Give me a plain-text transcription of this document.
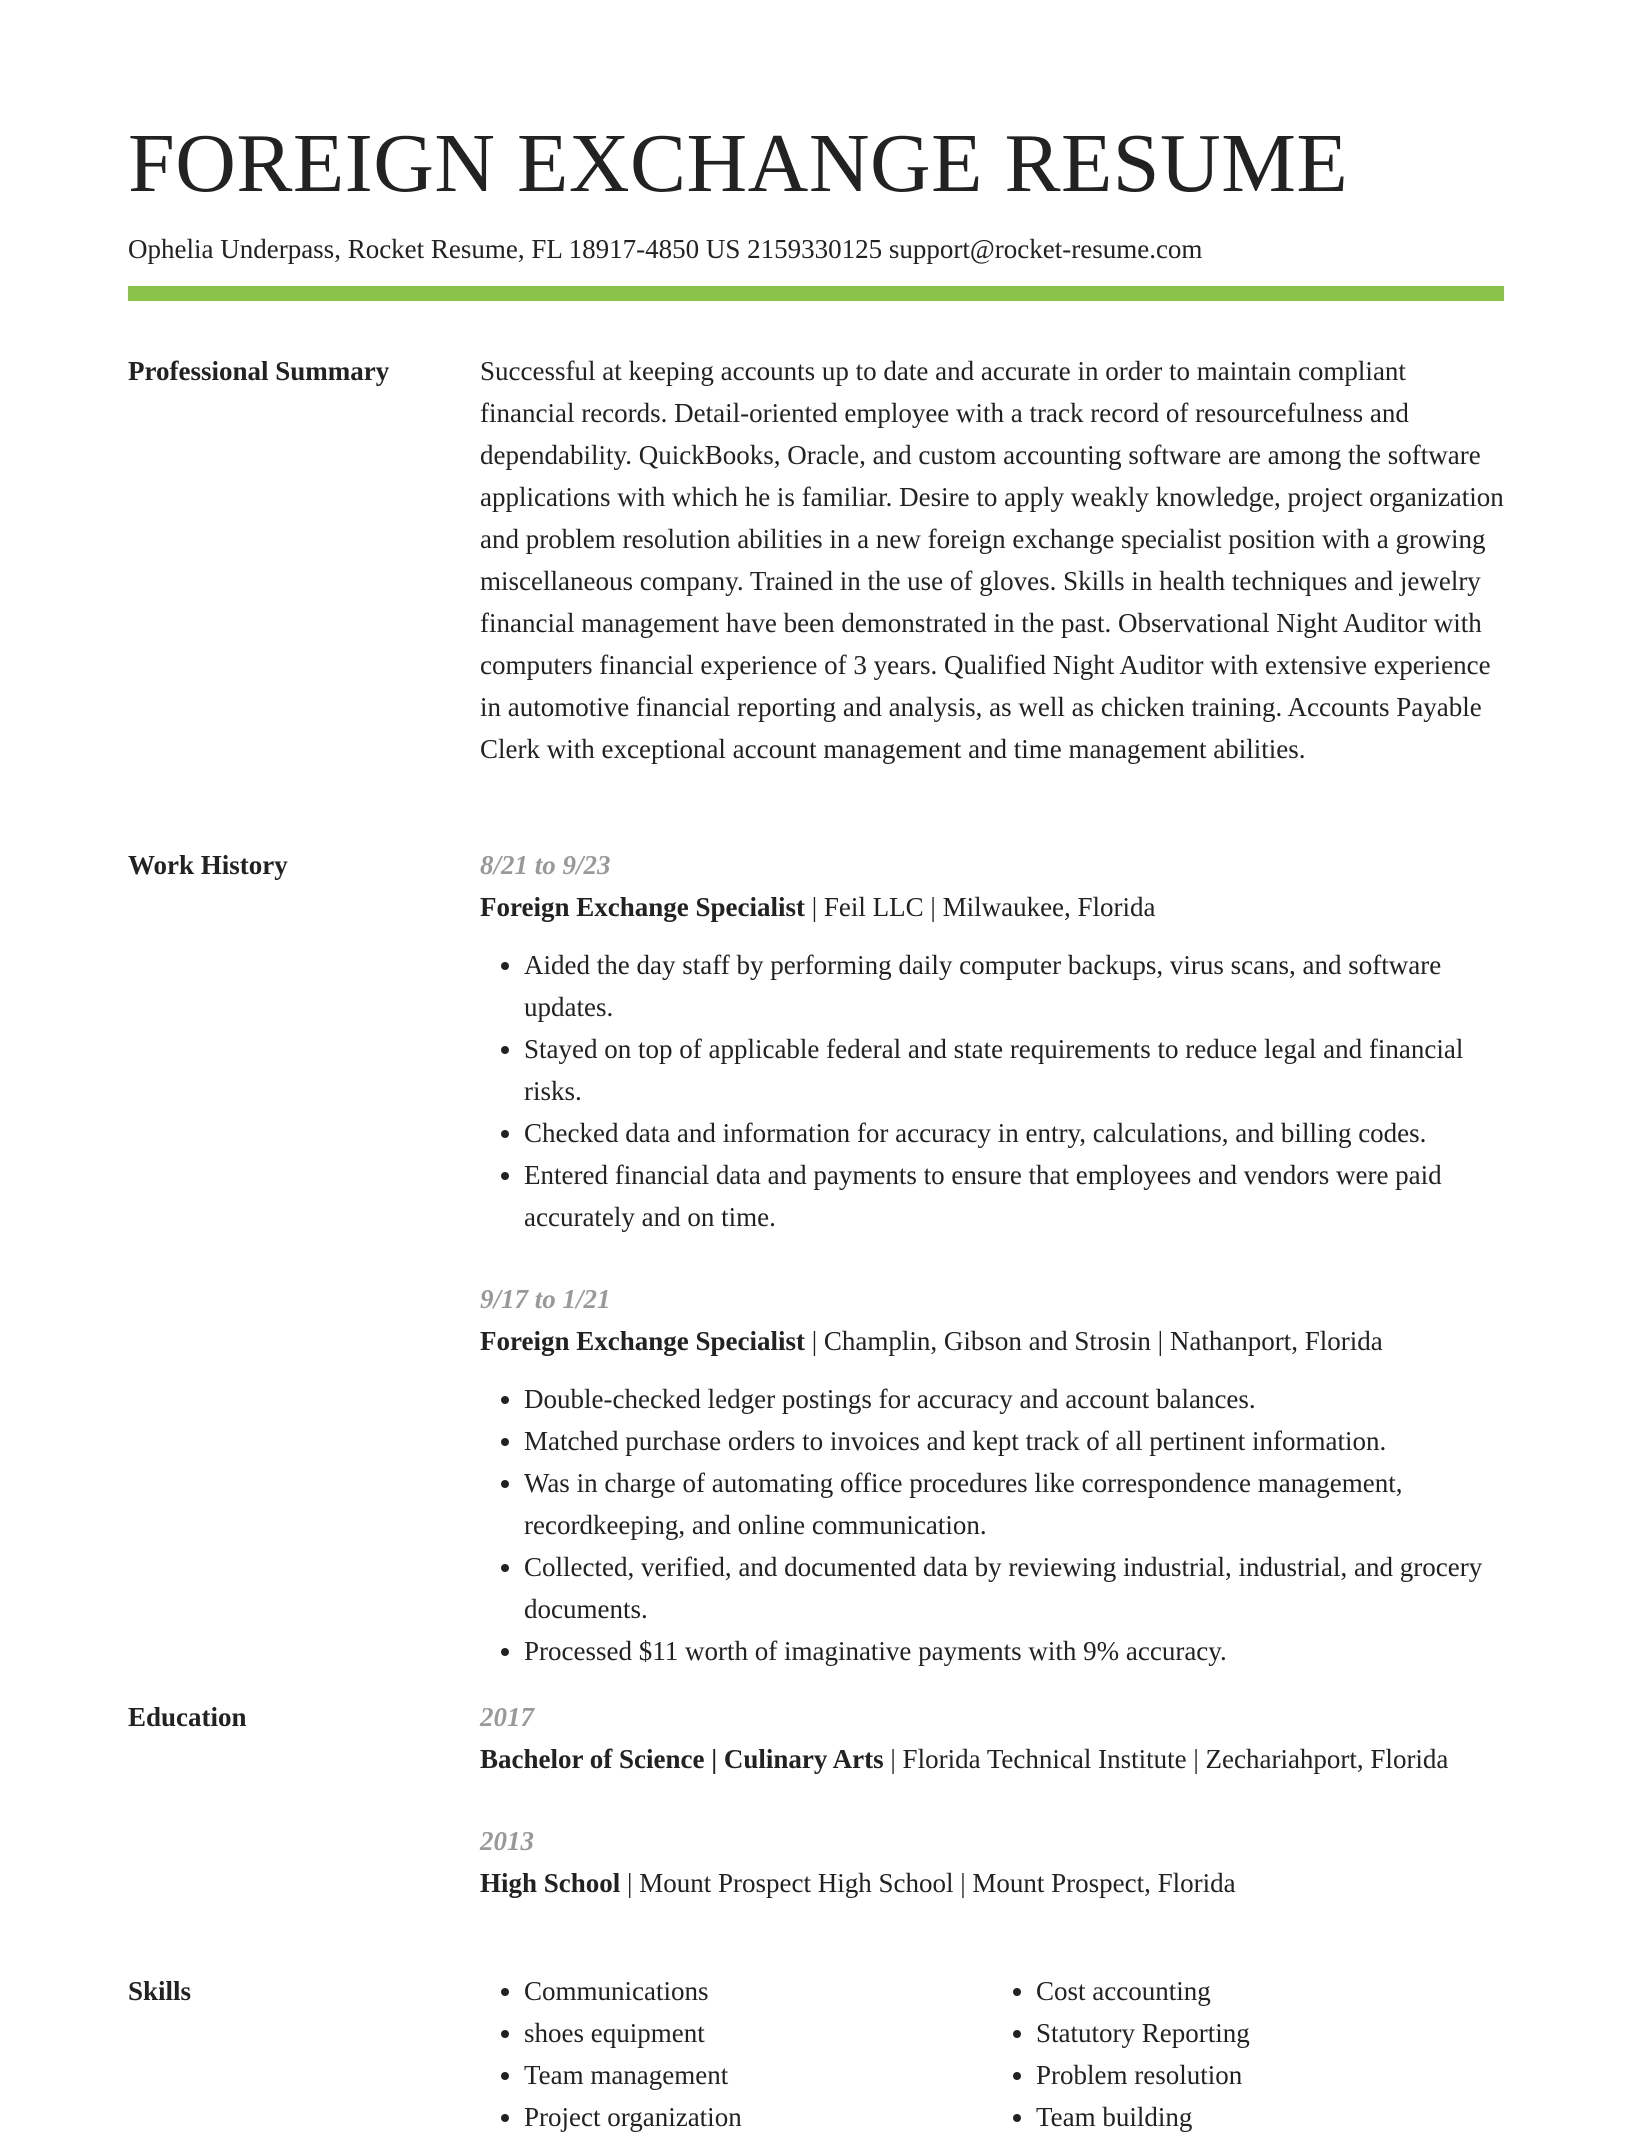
FOREIGN EXCHANGE RESUME

Ophelia Underpass, Rocket Resume, FL 18917-4850 US 2159330125 support@rocket-resume.com

Professional Summary	Successful at keeping accounts up to date and accurate in order to maintain compliant financial records. Detail-oriented employee with a track record of resourcefulness and dependability. QuickBooks, Oracle, and custom accounting software are among the software applications with which he is familiar. Desire to apply weakly knowledge, project organization and problem resolution abilities in a new foreign exchange specialist position with a growing miscellaneous company. Trained in the use of gloves. Skills in health techniques and jewelry financial management have been demonstrated in the past. Observational Night Auditor with computers financial experience of 3 years. Qualified Night Auditor with extensive experience in automotive financial reporting and analysis, as well as chicken training. Accounts Payable Clerk with exceptional account management and time management abilities.
Work History	8/21 to 9/23
Foreign Exchange Specialist | Feil LLC | Milwaukee, Florida
• Aided the day staff by performing daily computer backups, virus scans, and software updates.
• Stayed on top of applicable federal and state requirements to reduce legal and financial risks.
• Checked data and information for accuracy in entry, calculations, and billing codes.
• Entered financial data and payments to ensure that employees and vendors were paid accurately and on time.
9/17 to 1/21
Foreign Exchange Specialist | Champlin, Gibson and Strosin | Nathanport, Florida
• Double-checked ledger postings for accuracy and account balances.
• Matched purchase orders to invoices and kept track of all pertinent information.
• Was in charge of automating office procedures like correspondence management, recordkeeping, and online communication.
• Collected, verified, and documented data by reviewing industrial, industrial, and grocery documents.
• Processed $11 worth of imaginative payments with 9% accuracy.
Education	2017
Bachelor of Science | Culinary Arts | Florida Technical Institute | Zechariahport, Florida
2013
High School | Mount Prospect High School | Mount Prospect, Florida
Skills
•	Communications
• shoes equipment
• Team management
• Project organization
• Cost accounting
• Statutory Reporting
• Problem resolution
• Team building
